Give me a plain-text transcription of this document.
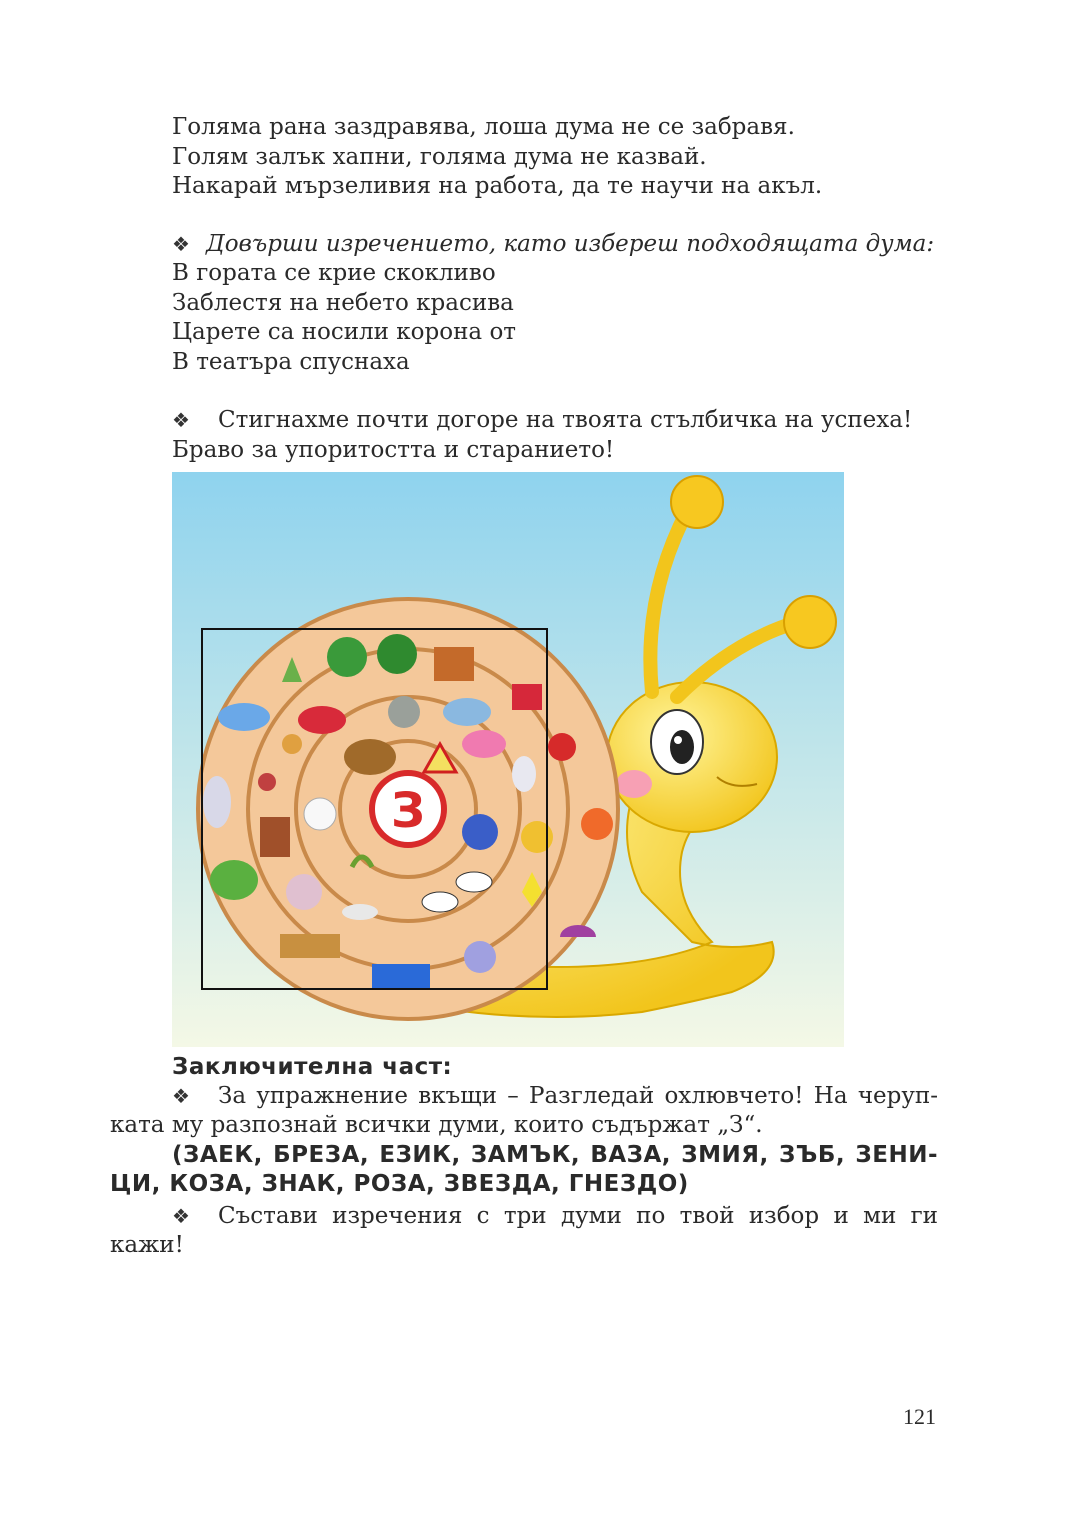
Голяма рана заздравява, лоша дума не се забравя.
Голям залък хапни, голяма дума не казвай.
Накарай мързеливия на работа, да те научи на акъл.
❖ Довърши изречението, като избереш подходящата дума:
В гората се крие скокливо
Заблестя на небето красива
Царете са носили корона от
В театъра спуснаха
❖ Стигнахме почти догоре на твоята стълбичка на успеха!
Браво за упоритостта и старанието!
З
Заключителна част:
❖ За упражнение вкъщи – Разгледай охлювчето! На черуп-
ката му разпознай всички думи, които съдържат „З“.
(ЗАЕК, БРЕЗА, ЕЗИК, ЗАМЪК, ВАЗА, ЗМИЯ, ЗЪБ, ЗЕНИ-
ЦИ, КОЗА, ЗНАК, РОЗА, ЗВЕЗДА, ГНЕЗДО)
❖ Състави изречения с три думи по твой избор и ми ги
кажи!
121
